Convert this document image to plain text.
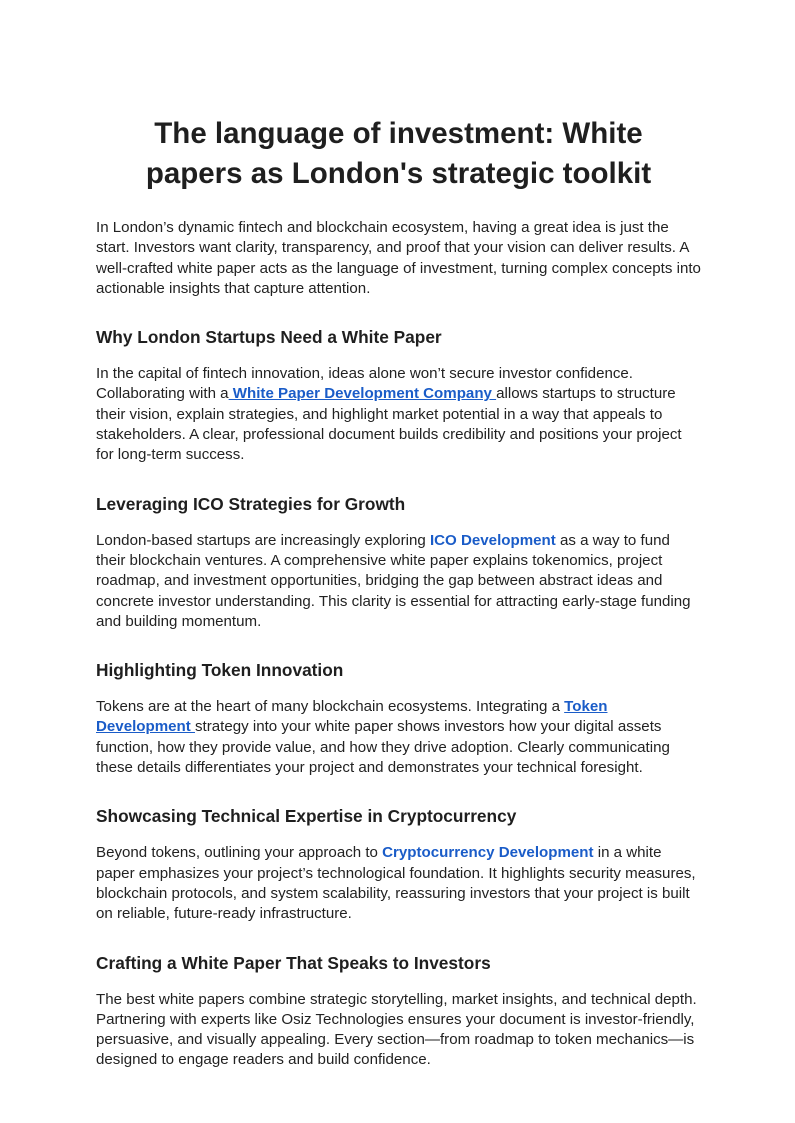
The language of investment: White papers as London's strategic toolkit

In London’s dynamic fintech and blockchain ecosystem, having a great idea is just the start. Investors want clarity, transparency, and proof that your vision can deliver results. A well-crafted white paper acts as the language of investment, turning complex concepts into actionable insights that capture attention.

Why London Startups Need a White Paper

In the capital of fintech innovation, ideas alone won’t secure investor confidence. Collaborating with a White Paper Development Company allows startups to structure their vision, explain strategies, and highlight market potential in a way that appeals to stakeholders. A clear, professional document builds credibility and positions your project for long-term success.

Leveraging ICO Strategies for Growth

London-based startups are increasingly exploring ICO Development as a way to fund their blockchain ventures. A comprehensive white paper explains tokenomics, project roadmap, and investment opportunities, bridging the gap between abstract ideas and concrete investor understanding. This clarity is essential for attracting early-stage funding and building momentum.

Highlighting Token Innovation

Tokens are at the heart of many blockchain ecosystems. Integrating a Token Development strategy into your white paper shows investors how your digital assets function, how they provide value, and how they drive adoption. Clearly communicating these details differentiates your project and demonstrates your technical foresight.

Showcasing Technical Expertise in Cryptocurrency

Beyond tokens, outlining your approach to Cryptocurrency Development in a white paper emphasizes your project’s technological foundation. It highlights security measures, blockchain protocols, and system scalability, reassuring investors that your project is built on reliable, future-ready infrastructure.

Crafting a White Paper That Speaks to Investors

The best white papers combine strategic storytelling, market insights, and technical depth. Partnering with experts like Osiz Technologies ensures your document is investor-friendly, persuasive, and visually appealing. Every section—from roadmap to token mechanics—is designed to engage readers and build confidence.
